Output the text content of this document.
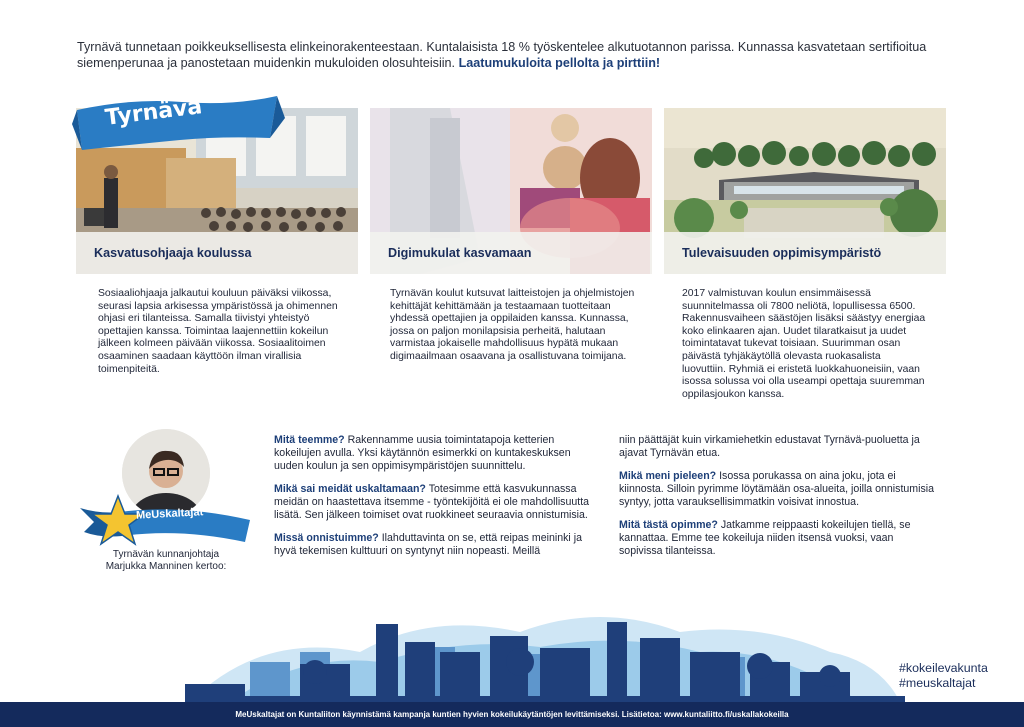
Tyrnävä tunnetaan poikkeuksellisesta elinkeinorakenteestaan. Kuntalaisista 18 % työskentelee alkutuotannon parissa. Kunnassa kasvatetaan sertifioitua siemenperunaa ja panostetaan muidenkin mukuloiden olosuhteisiin. Laatumukuloita pellolta ja pirttiin!
Kasvatusohjaaja koulussa
Tyrnävä
Digimukulat kasvamaan	Tulevaisuuden oppimisympäristö
Sosiaaliohjaaja jalkautui kouluun päiväksi viikossa, seurasi lapsia arkisessa ympäristössä ja ohimennen ohjasi eri tilanteissa. Samalla tiivistyi yhteistyö opettajien kanssa. Toimintaa laajennettiin kokeilun jälkeen kolmeen päivään viikossa. Sosiaalitoimen osaaminen saadaan käyttöön ilman virallisia toimenpiteitä.
Tyrnävän koulut kutsuvat laitteistojen ja ohjelmistojen kehittäjät kehittämään ja testaamaan tuotteitaan yhdessä opettajien ja oppilaiden kanssa. Kunnassa, jossa on paljon monilapsisia perheitä, halutaan varmistaa jokaiselle mahdollisuus hypätä mukaan digimaailmaan osaavana ja osallistuvana toimijana.
2017 valmistuvan koulun ensimmäisessä suunnitelmassa oli 7800 neliötä, lopullisessa 6500. Rakennusvaiheen säästöjen lisäksi säästyy energiaa koko elinkaaren ajan. Uudet tilaratkaisut ja uudet toimintatavat tukevat toisiaan. Suurimman osan päivästä tyhjäkäytöllä olevasta ruokasalista luovuttiin. Ryhmiä ei eristetä luokkahuoneisiin, vaan isossa solussa voi olla useampi opettaja suuremman oppilasjoukon kanssa.
MeUskaltajat
Tyrnävän kunnanjohtaja Marjukka Manninen kertoo:

Mitä teemme? Rakennamme uusia toimintatapoja ketterien kokeilujen avulla. Yksi käytännön esimerkki on kuntakeskuksen uuden koulun ja sen oppimisympäristöjen suunnittelu.

Mikä sai meidät uskaltamaan? Totesimme että kasvukunnassa meidän on haastettava itsemme - työntekijöitä ei ole mahdollisuutta lisätä. Sen jälkeen toimiset ovat ruokkineet seuraavia onnistumisia.

Missä onnistuimme? Ilahduttavinta on se, että reipas meininki ja hyvä tekemisen kulttuuri on syntynyt niin nopeasti. Meillä

niin päättäjät kuin virkamiehetkin edustavat Tyrnävä-puoluetta ja ajavat Tyrnävän etua.

Mikä meni pieleen? Isossa porukassa on aina joku, jota ei kiinnosta. Silloin pyrimme löytämään osa-alueita, joilla onnistumisia syntyy, jotta varauksellisimmatkin voisivat innostua.

Mitä tästä opimme? Jatkamme reippaasti kokeilujen tiellä, se kannattaa. Emme tee kokeiluja niiden itsensä vuoksi, vaan sopivissa tilanteissa.

#kokeilevakunta
#meuskaltajat
MeUskaltajat on Kuntaliiton käynnistämä kampanja kuntien hyvien kokeilukäytäntöjen levittämiseksi. Lisätietoa: www.kuntaliitto.fi/uskallakokeilla
